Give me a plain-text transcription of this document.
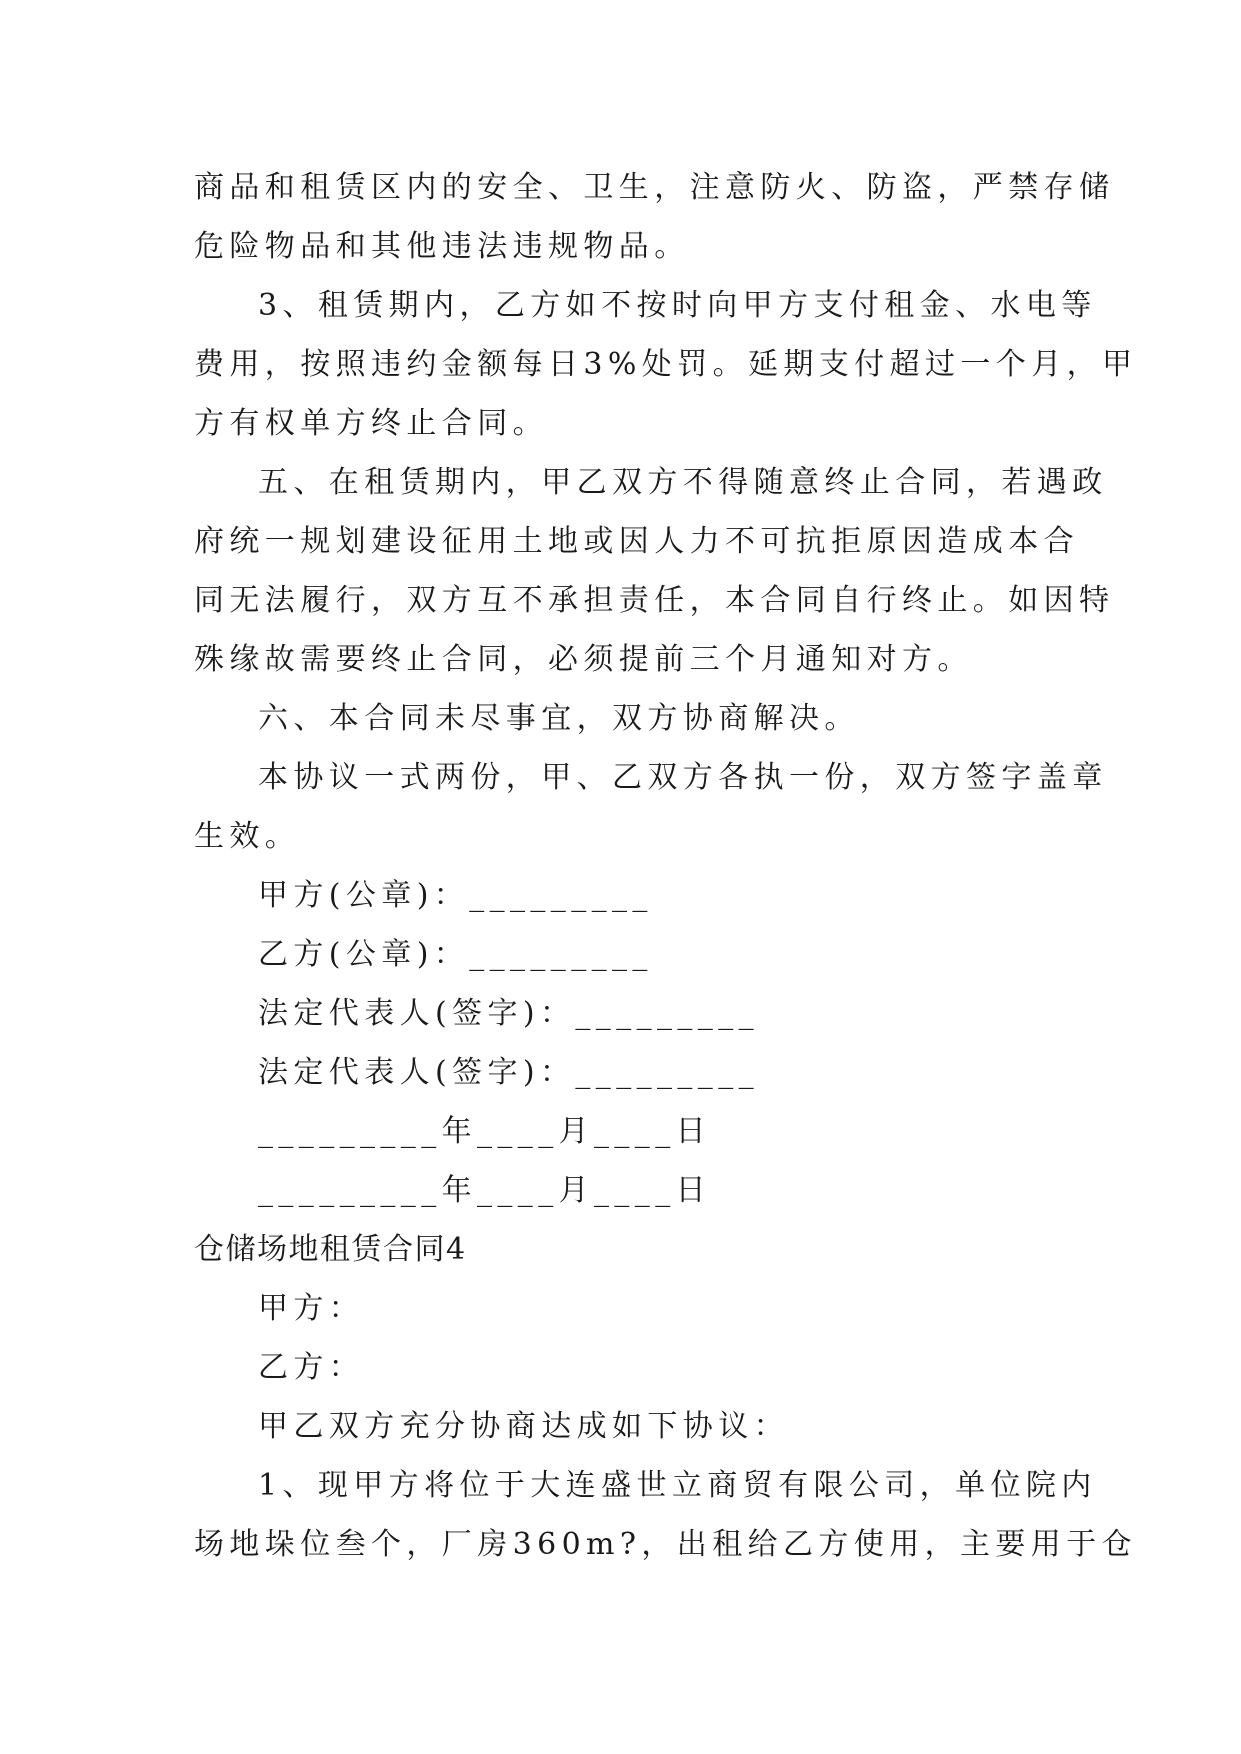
商品和租赁区内的安全、卫生，注意防火、防盗，严禁存储
危险物品和其他违法违规物品。
3、租赁期内，乙方如不按时向甲方支付租金、水电等
费用，按照违约金额每日3%处罚。延期支付超过一个月，甲
方有权单方终止合同。
五、在租赁期内，甲乙双方不得随意终止合同，若遇政
府统一规划建设征用土地或因人力不可抗拒原因造成本合
同无法履行，双方互不承担责任，本合同自行终止。如因特
殊缘故需要终止合同，必须提前三个月通知对方。
六、本合同未尽事宜，双方协商解决。
本协议一式两份，甲、乙双方各执一份，双方签字盖章
生效。
甲方(公章)：_________
乙方(公章)：_________
法定代表人(签字)：_________
法定代表人(签字)：_________
_________年____月____日
_________年____月____日
仓储场地租赁合同4
甲方：
乙方：
甲乙双方充分协商达成如下协议：
1、现甲方将位于大连盛世立商贸有限公司，单位院内
场地垛位叁个，厂房360m?，出租给乙方使用，主要用于仓
